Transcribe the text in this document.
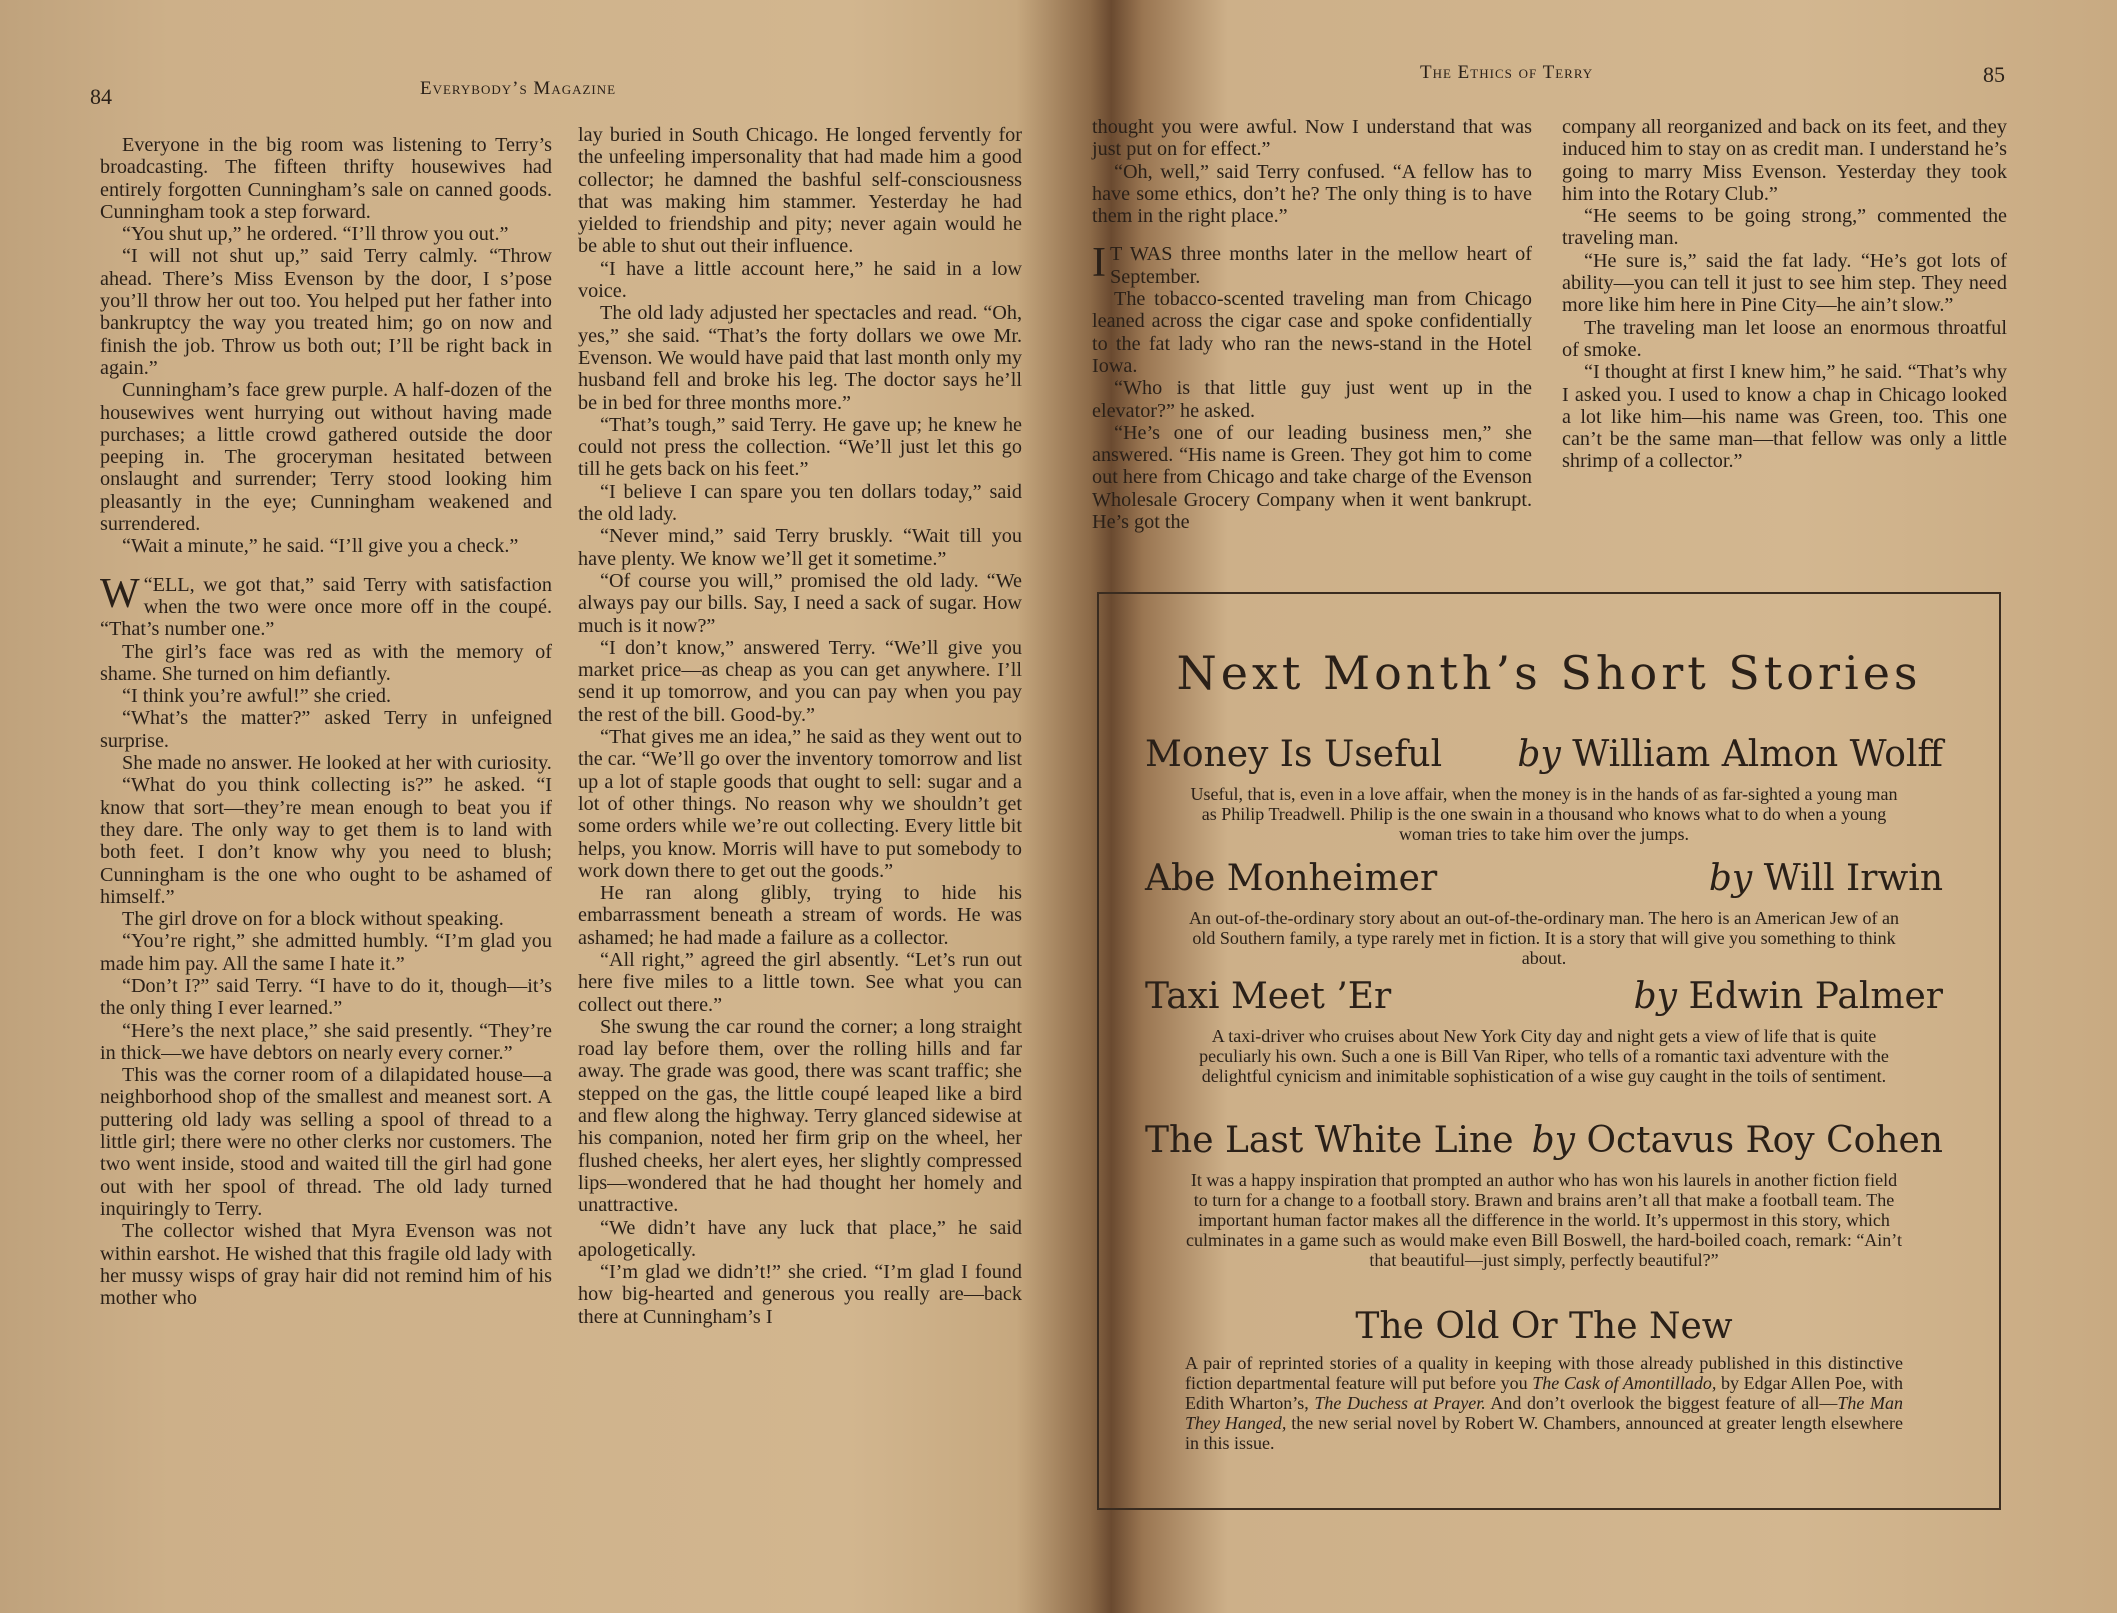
84	Everybody’s Magazine

Everyone in the big room was listening to Terry’s broadcasting. The fifteen thrifty housewives had entirely forgotten Cunningham’s sale on canned goods. Cunningham took a step forward.

“You shut up,” he ordered. “I’ll throw you out.”

“I will not shut up,” said Terry calmly. “Throw ahead. There’s Miss Evenson by the door, I s’pose you’ll throw her out too. You helped put her father into bankruptcy the way you treated him; go on now and finish the job. Throw us both out; I’ll be right back in again.”

Cunningham’s face grew purple. A half-dozen of the housewives went hurrying out without having made purchases; a little crowd gathered outside the door peeping in. The groceryman hesitated between onslaught and surrender; Terry stood looking him pleasantly in the eye; Cunningham weakened and surrendered.

“Wait a minute,” he said. “I’ll give you a check.”

“
W ELL, we got that,” said Terry with satisfaction when the two were once more off in the coupé. “That’s number one.”

The girl’s face was red as with the memory of shame. She turned on him defiantly.

“I think you’re awful!” she cried.

“What’s the matter?” asked Terry in unfeigned surprise.

She made no answer. He looked at her with curiosity.

“What do you think collecting is?” he asked. “I know that sort—they’re mean enough to beat you if they dare. The only way to get them is to land with both feet. I don’t know why you need to blush; Cunningham is the one who ought to be ashamed of himself.”

The girl drove on for a block without speaking.

“You’re right,” she admitted humbly. “I’m glad you made him pay. All the same I hate it.”

“Don’t I?” said Terry. “I have to do it, though—it’s the only thing I ever learned.”

“Here’s the next place,” she said presently. “They’re in thick—we have debtors on nearly every corner.”

This was the corner room of a dilapidated house—a neighborhood shop of the smallest and meanest sort. A puttering old lady was selling a spool of thread to a little girl; there were no other clerks nor customers. The two went inside, stood and waited till the girl had gone out with her spool of thread. The old lady turned inquiringly to Terry.

The collector wished that Myra Evenson was not within earshot. He wished that this fragile old lady with her mussy wisps of gray hair did not remind him of his mother who

lay buried in South Chicago. He longed fervently for the unfeeling impersonality that had made him a good collector; he damned the bashful self-consciousness that was making him stammer. Yesterday he had yielded to friendship and pity; never again would he be able to shut out their influence.

“I have a little account here,” he said in a low voice.

The old lady adjusted her spectacles and read. “Oh, yes,” she said. “That’s the forty dollars we owe Mr. Evenson. We would have paid that last month only my husband fell and broke his leg. The doctor says he’ll be in bed for three months more.”

“That’s tough,” said Terry. He gave up; he knew he could not press the collection. “We’ll just let this go till he gets back on his feet.”

“I believe I can spare you ten dollars today,” said the old lady.

“Never mind,” said Terry bruskly. “Wait till you have plenty. We know we’ll get it sometime.”

“Of course you will,” promised the old lady. “We always pay our bills. Say, I need a sack of sugar. How much is it now?”

“I don’t know,” answered Terry. “We’ll give you market price—as cheap as you can get anywhere. I’ll send it up tomorrow, and you can pay when you pay the rest of the bill. Good-by.”

“That gives me an idea,” he said as they went out to the car. “We’ll go over the inventory tomorrow and list up a lot of staple goods that ought to sell: sugar and a lot of other things. No reason why we shouldn’t get some orders while we’re out collecting. Every little bit helps, you know. Morris will have to put somebody to work down there to get out the goods.”

He ran along glibly, trying to hide his embarrassment beneath a stream of words. He was ashamed; he had made a failure as a collector.

“All right,” agreed the girl absently. “Let’s run out here five miles to a little town. See what you can collect out there.”

She swung the car round the corner; a long straight road lay before them, over the rolling hills and far away. The grade was good, there was scant traffic; she stepped on the gas, the little coupé leaped like a bird and flew along the highway. Terry glanced sidewise at his companion, noted her firm grip on the wheel, her flushed cheeks, her alert eyes, her slightly compressed lips—wondered that he had thought her homely and unattractive.

“We didn’t have any luck that place,” he said apologetically.

“I’m glad we didn’t!” she cried. “I’m glad I found how big-hearted and generous you really are—back there at Cunningham’s I

The Ethics of Terry	85

thought you were awful. Now I understand that was just put on for effect.”

“Oh, well,” said Terry confused. “A fellow has to have some ethics, don’t he? The only thing is to have them in the right place.”

I T WAS three months later in the mellow heart of September.

The tobacco-scented traveling man from Chicago leaned across the cigar case and spoke confidentially to the fat lady who ran the news-stand in the Hotel Iowa.

“Who is that little guy just went up in the elevator?” he asked.

“He’s one of our leading business men,” she answered. “His name is Green. They got him to come out here from Chicago and take charge of the Evenson Wholesale Grocery Company when it went bankrupt. He’s got the

company all reorganized and back on its feet, and they induced him to stay on as credit man. I understand he’s going to marry Miss Evenson. Yesterday they took him into the Rotary Club.”

“He seems to be going strong,” commented the traveling man.

“He sure is,” said the fat lady. “He’s got lots of ability—you can tell it just to see him step. They need more like him here in Pine City—he ain’t slow.”

The traveling man let loose an enormous throatful of smoke.

“I thought at first I knew him,” he said. “That’s why I asked you. I used to know a chap in Chicago looked a lot like him—his name was Green, too. This one can’t be the same man—that fellow was only a little shrimp of a collector.”

Next Month’s Short Stories
Money Is Useful by William Almon Wolff
Useful, that is, even in a love affair, when the money is in the hands of as far-sighted a young man as Philip Treadwell. Philip is the one swain in a thousand who knows what to do when a young woman tries to take him over the jumps.
Abe Monheimer	by Will Irwin
An out-of-the-ordinary story about an out-of-the-ordinary man. The hero is an American Jew of an old Southern family, a type rarely met in fiction. It is a story that will give you something to think about.
Taxi Meet ’Er	by Edwin Palmer
A taxi-driver who cruises about New York City day and night gets a view of life that is quite peculiarly his own. Such a one is Bill Van Riper, who tells of a romantic taxi adventure with the delightful cynicism and inimitable sophistication of a wise guy caught in the toils of sentiment.
The Last White Line by Octavus Roy Cohen
It was a happy inspiration that prompted an author who has won his laurels in another fiction field to turn for a change to a football story. Brawn and brains aren’t all that make a football team. The important human factor makes all the difference in the world. It’s uppermost in this story, which culminates in a game such as would make even Bill Boswell, the hard-boiled coach, remark: “Ain’t that beautiful—just simply, perfectly beautiful?”
The Old Or The New
A pair of reprinted stories of a quality in keeping with those already published in this distinctive fiction departmental feature will put before you The Cask of Amontillado, by Edgar Allen Poe, with Edith Wharton’s, The Duchess at Prayer. And don’t overlook the biggest feature of all—The Man They Hanged, the new serial novel by Robert W. Chambers, announced at greater length elsewhere in this issue.
